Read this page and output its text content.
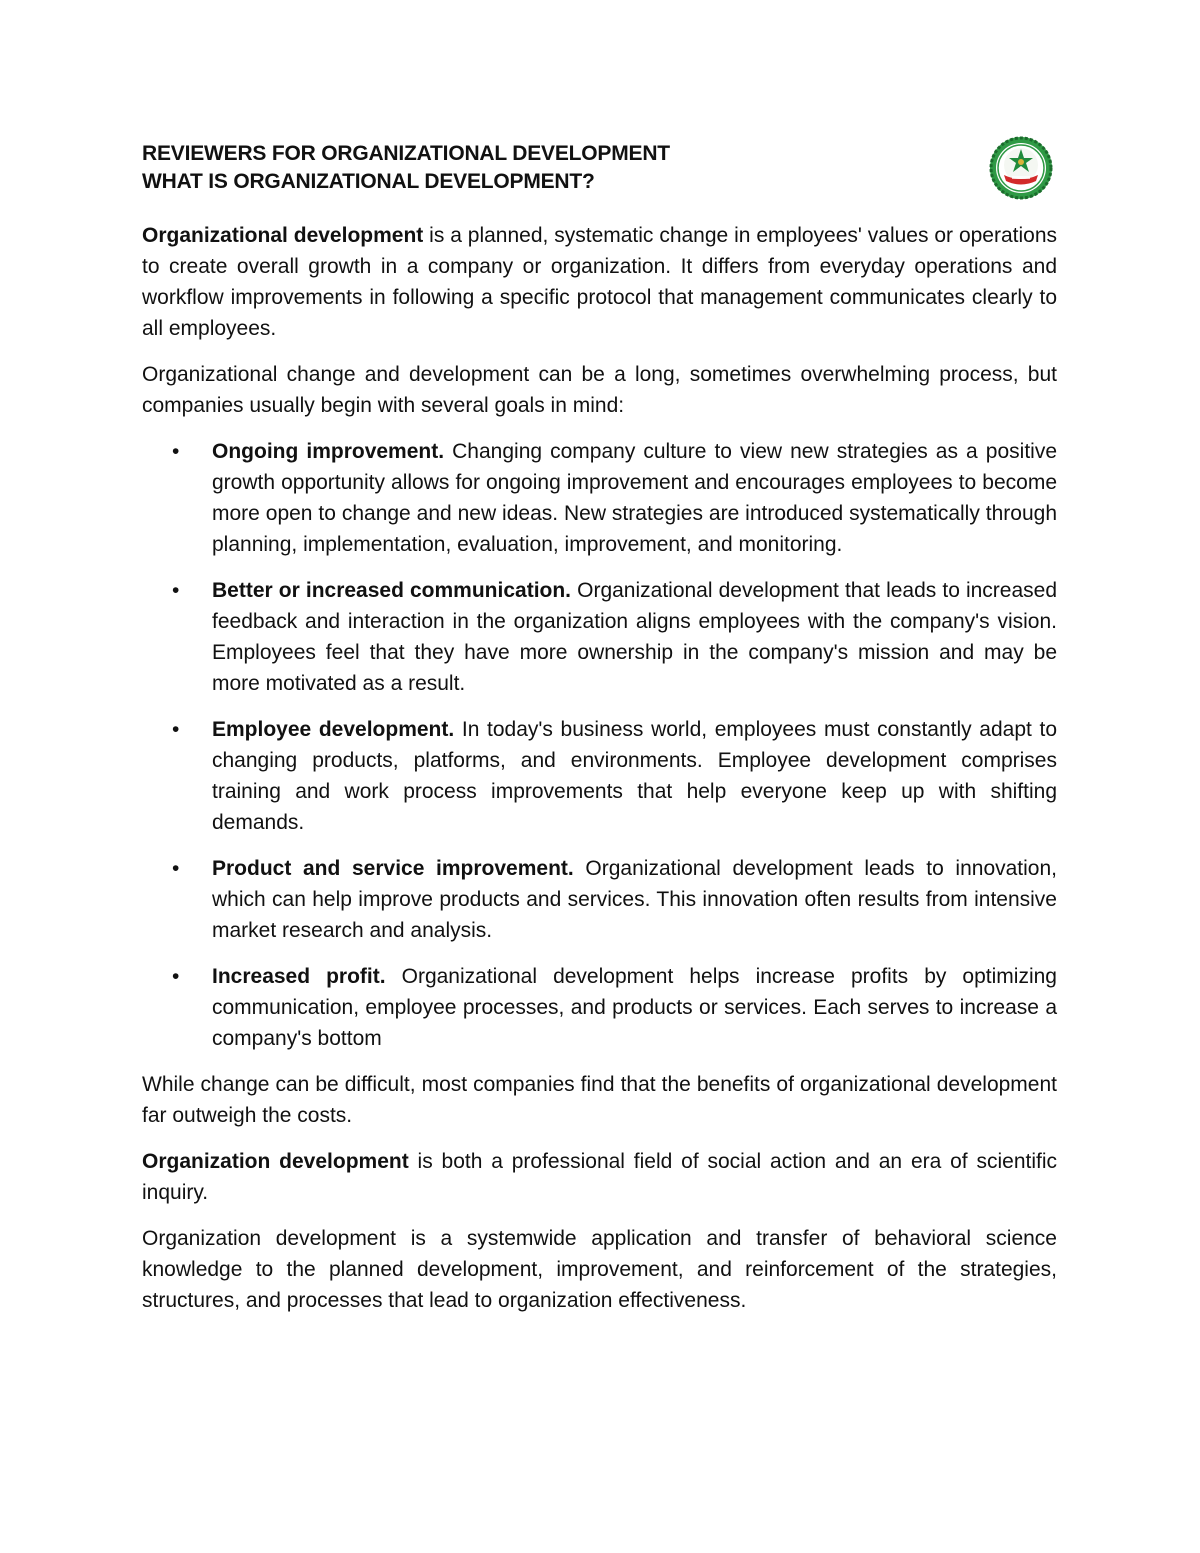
REVIEWERS FOR ORGANIZATIONAL DEVELOPMENT
WHAT IS ORGANIZATIONAL DEVELOPMENT?

Organizational development is a planned, systematic change in employees' values or operations to create overall growth in a company or organization. It differs from everyday operations and workflow improvements in following a specific protocol that management communicates clearly to all employees.

Organizational change and development can be a long, sometimes overwhelming process, but companies usually begin with several goals in mind:

• Ongoing improvement. Changing company culture to view new strategies as a positive growth opportunity allows for ongoing improvement and encourages employees to become more open to change and new ideas. New strategies are introduced systematically through planning, implementation, evaluation, improvement, and monitoring.
• Better or increased communication. Organizational development that leads to increased feedback and interaction in the organization aligns employees with the company's vision. Employees feel that they have more ownership in the company's mission and may be more motivated as a result.
• Employee development. In today's business world, employees must constantly adapt to changing products, platforms, and environments. Employee development comprises training and work process improvements that help everyone keep up with shifting demands.
• Product and service improvement. Organizational development leads to innovation, which can help improve products and services. This innovation often results from intensive market research and analysis.
• Increased profit. Organizational development helps increase profits by optimizing communication, employee processes, and products or services. Each serves to increase a company's bottom

While change can be difficult, most companies find that the benefits of organizational development far outweigh the costs.

Organization development is both a professional field of social action and an era of scientific inquiry.

Organization development is a systemwide application and transfer of behavioral science knowledge to the planned development, improvement, and reinforcement of the strategies, structures, and processes that lead to organization effectiveness.
